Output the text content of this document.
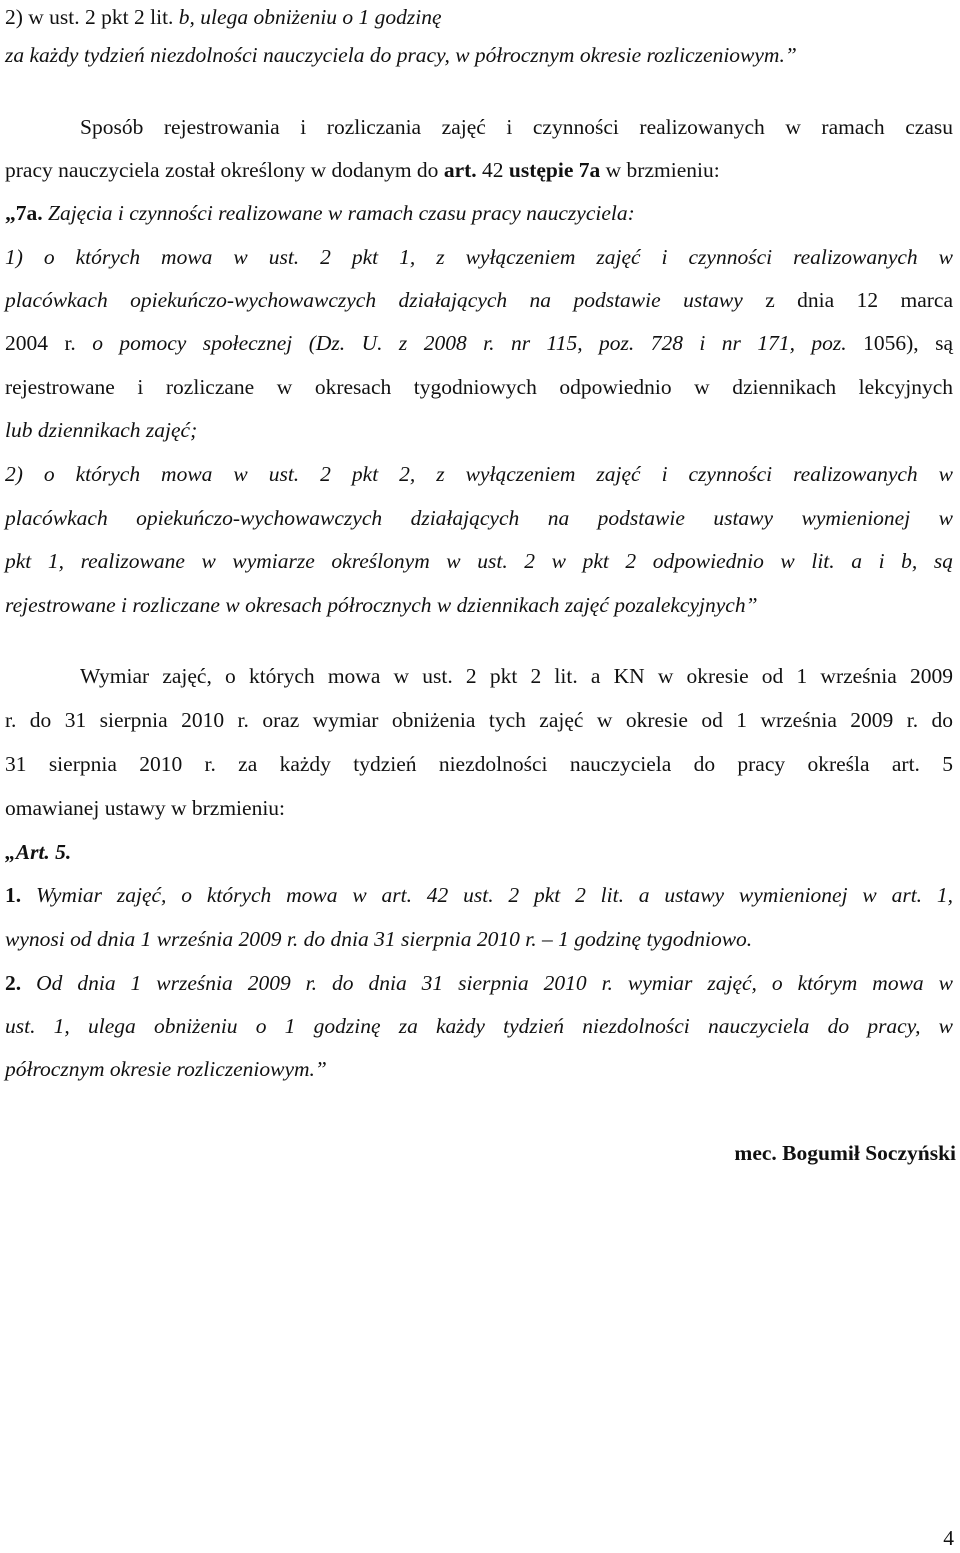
2) w ust. 2 pkt 2 lit. b, ulega obniżeniu o 1 godzinę
za każdy tydzień niezdolności nauczyciela do pracy, w półrocznym okresie rozliczeniowym.”
Sposób rejestrowania i rozliczania zajęć i czynności realizowanych w ramach czasu
pracy nauczyciela został określony w dodanym do art. 42 ustępie 7a w brzmieniu:
„7a. Zajęcia i czynności realizowane w ramach czasu pracy nauczyciela:
1) o których mowa w ust. 2 pkt 1, z wyłączeniem zajęć i czynności realizowanych w
placówkach opiekuńczo-wychowawczych działających na podstawie ustawy z dnia 12 marca
2004 r. o pomocy społecznej (Dz. U. z 2008 r. nr 115, poz. 728 i nr 171, poz. 1056), są
rejestrowane i rozliczane w okresach tygodniowych odpowiednio w dziennikach lekcyjnych
lub dziennikach zajęć;
2) o których mowa w ust. 2 pkt 2, z wyłączeniem zajęć i czynności realizowanych w
placówkach opiekuńczo-wychowawczych działających na podstawie ustawy wymienionej w
pkt 1, realizowane w wymiarze określonym w ust. 2 w pkt 2 odpowiednio w lit. a i b, są
rejestrowane i rozliczane w okresach półrocznych w dziennikach zajęć pozalekcyjnych”
Wymiar zajęć, o których mowa w ust. 2 pkt 2 lit. a KN w okresie od 1 września 2009
r. do 31 sierpnia 2010 r. oraz wymiar obniżenia tych zajęć w okresie od 1 września 2009 r. do
31 sierpnia 2010 r. za każdy tydzień niezdolności nauczyciela do pracy określa art. 5
omawianej ustawy w brzmieniu:
„Art. 5.
1. Wymiar zajęć, o których mowa w art. 42 ust. 2 pkt 2 lit. a ustawy wymienionej w art. 1,
wynosi od dnia 1 września 2009 r. do dnia 31 sierpnia 2010 r. – 1 godzinę tygodniowo.
2. Od dnia 1 września 2009 r. do dnia 31 sierpnia 2010 r. wymiar zajęć, o którym mowa w
ust. 1, ulega obniżeniu o 1 godzinę za każdy tydzień niezdolności nauczyciela do pracy, w
półrocznym okresie rozliczeniowym.”
mec. Bogumił Soczyński
4
